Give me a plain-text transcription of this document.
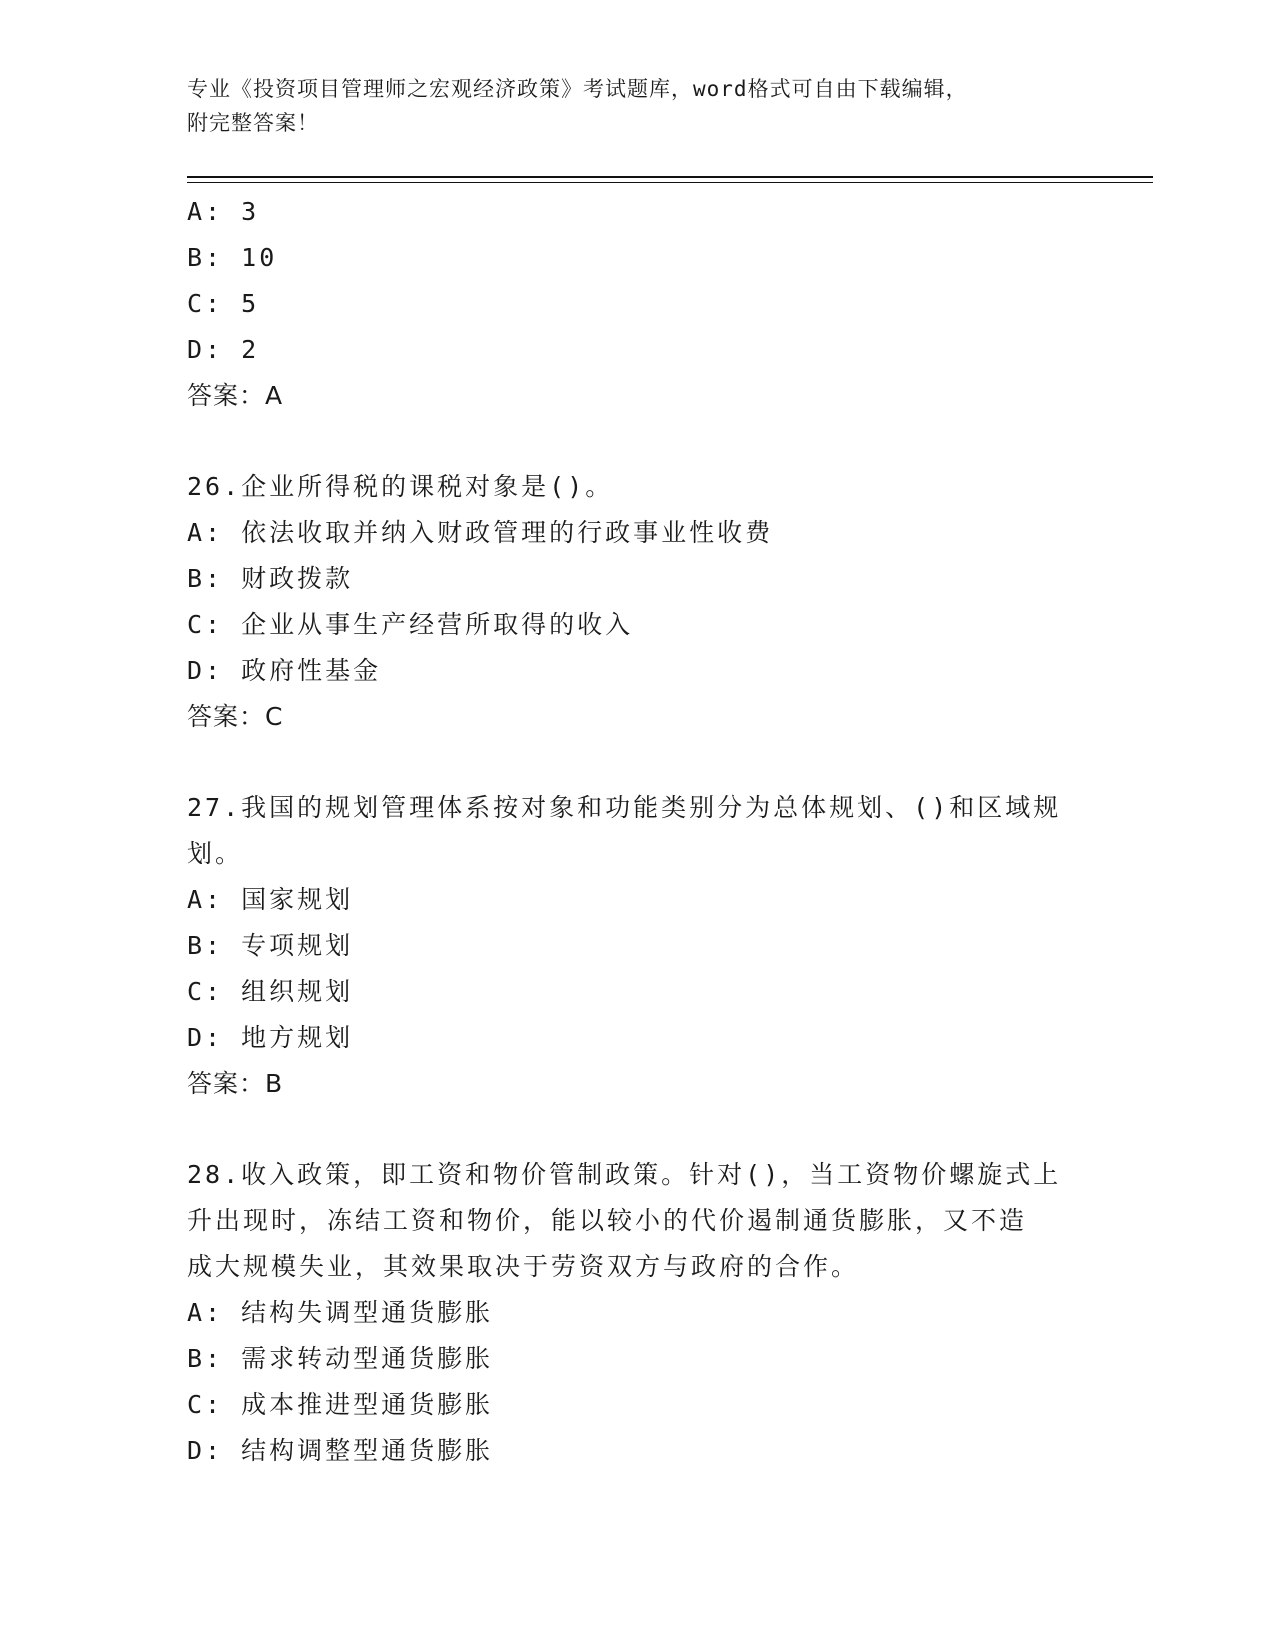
专业《投资项目管理师之宏观经济政策》考试题库，word格式可自由下载编辑，
附完整答案！
A: 3
B: 10
C: 5
D: 2
答案：A
26.企业所得税的课税对象是()。
A: 依法收取并纳入财政管理的行政事业性收费
B: 财政拨款
C: 企业从事生产经营所取得的收入
D: 政府性基金
答案：C
27.我国的规划管理体系按对象和功能类别分为总体规划、()和区域规
划。
A: 国家规划
B: 专项规划
C: 组织规划
D: 地方规划
答案：B
28.收入政策，即工资和物价管制政策。针对()，当工资物价螺旋式上
升出现时，冻结工资和物价，能以较小的代价遏制通货膨胀，又不造
成大规模失业，其效果取决于劳资双方与政府的合作。
A: 结构失调型通货膨胀
B: 需求转动型通货膨胀
C: 成本推进型通货膨胀
D: 结构调整型通货膨胀
